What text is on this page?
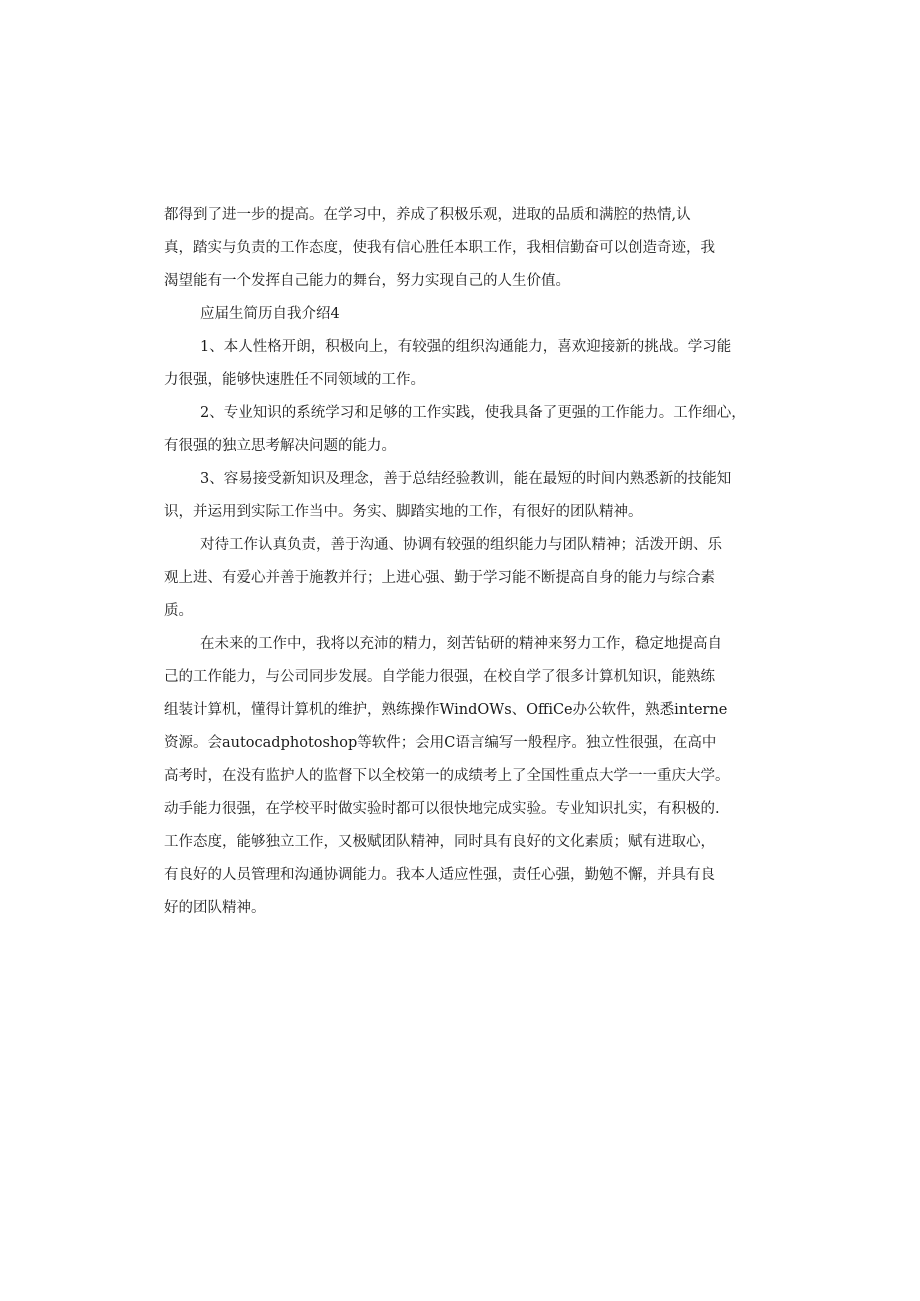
都得到了进一步的提高。在学习中，养成了积极乐观，进取的品质和满腔的热情,认
真，踏实与负责的工作态度，使我有信心胜任本职工作，我相信勤奋可以创造奇迹，我
渴望能有一个发挥自己能力的舞台，努力实现自己的人生价值。
应届生简历自我介绍4
1、本人性格开朗，积极向上，有较强的组织沟通能力，喜欢迎接新的挑战。学习能
力很强，能够快速胜任不同领域的工作。
2、专业知识的系统学习和足够的工作实践，使我具备了更强的工作能力。工作细心，
有很强的独立思考解决问题的能力。
3、容易接受新知识及理念，善于总结经验教训，能在最短的时间内熟悉新的技能知
识，并运用到实际工作当中。务实、脚踏实地的工作，有很好的团队精神。
对待工作认真负责，善于沟通、协调有较强的组织能力与团队精神；活泼开朗、乐
观上进、有爱心并善于施教并行；上进心强、勤于学习能不断提高自身的能力与综合素
质。
在未来的工作中，我将以充沛的精力，刻苦钻研的精神来努力工作，稳定地提高自
己的工作能力，与公司同步发展。自学能力很强，在校自学了很多计算机知识，能熟练
组装计算机，懂得计算机的维护，熟练操作WindOWs、OffiCe办公软件，熟悉interne
资源。会autocadphotoshop等软件；会用C语言编写一般程序。独立性很强，在高中
高考时，在没有监护人的监督下以全校第一的成绩考上了全国性重点大学一一重庆大学。
动手能力很强，在学校平时做实验时都可以很快地完成实验。专业知识扎实，有积极的.
工作态度，能够独立工作，又极赋团队精神，同时具有良好的文化素质；赋有进取心，
有良好的人员管理和沟通协调能力。我本人适应性强，责任心强，勤勉不懈，并具有良
好的团队精神。
